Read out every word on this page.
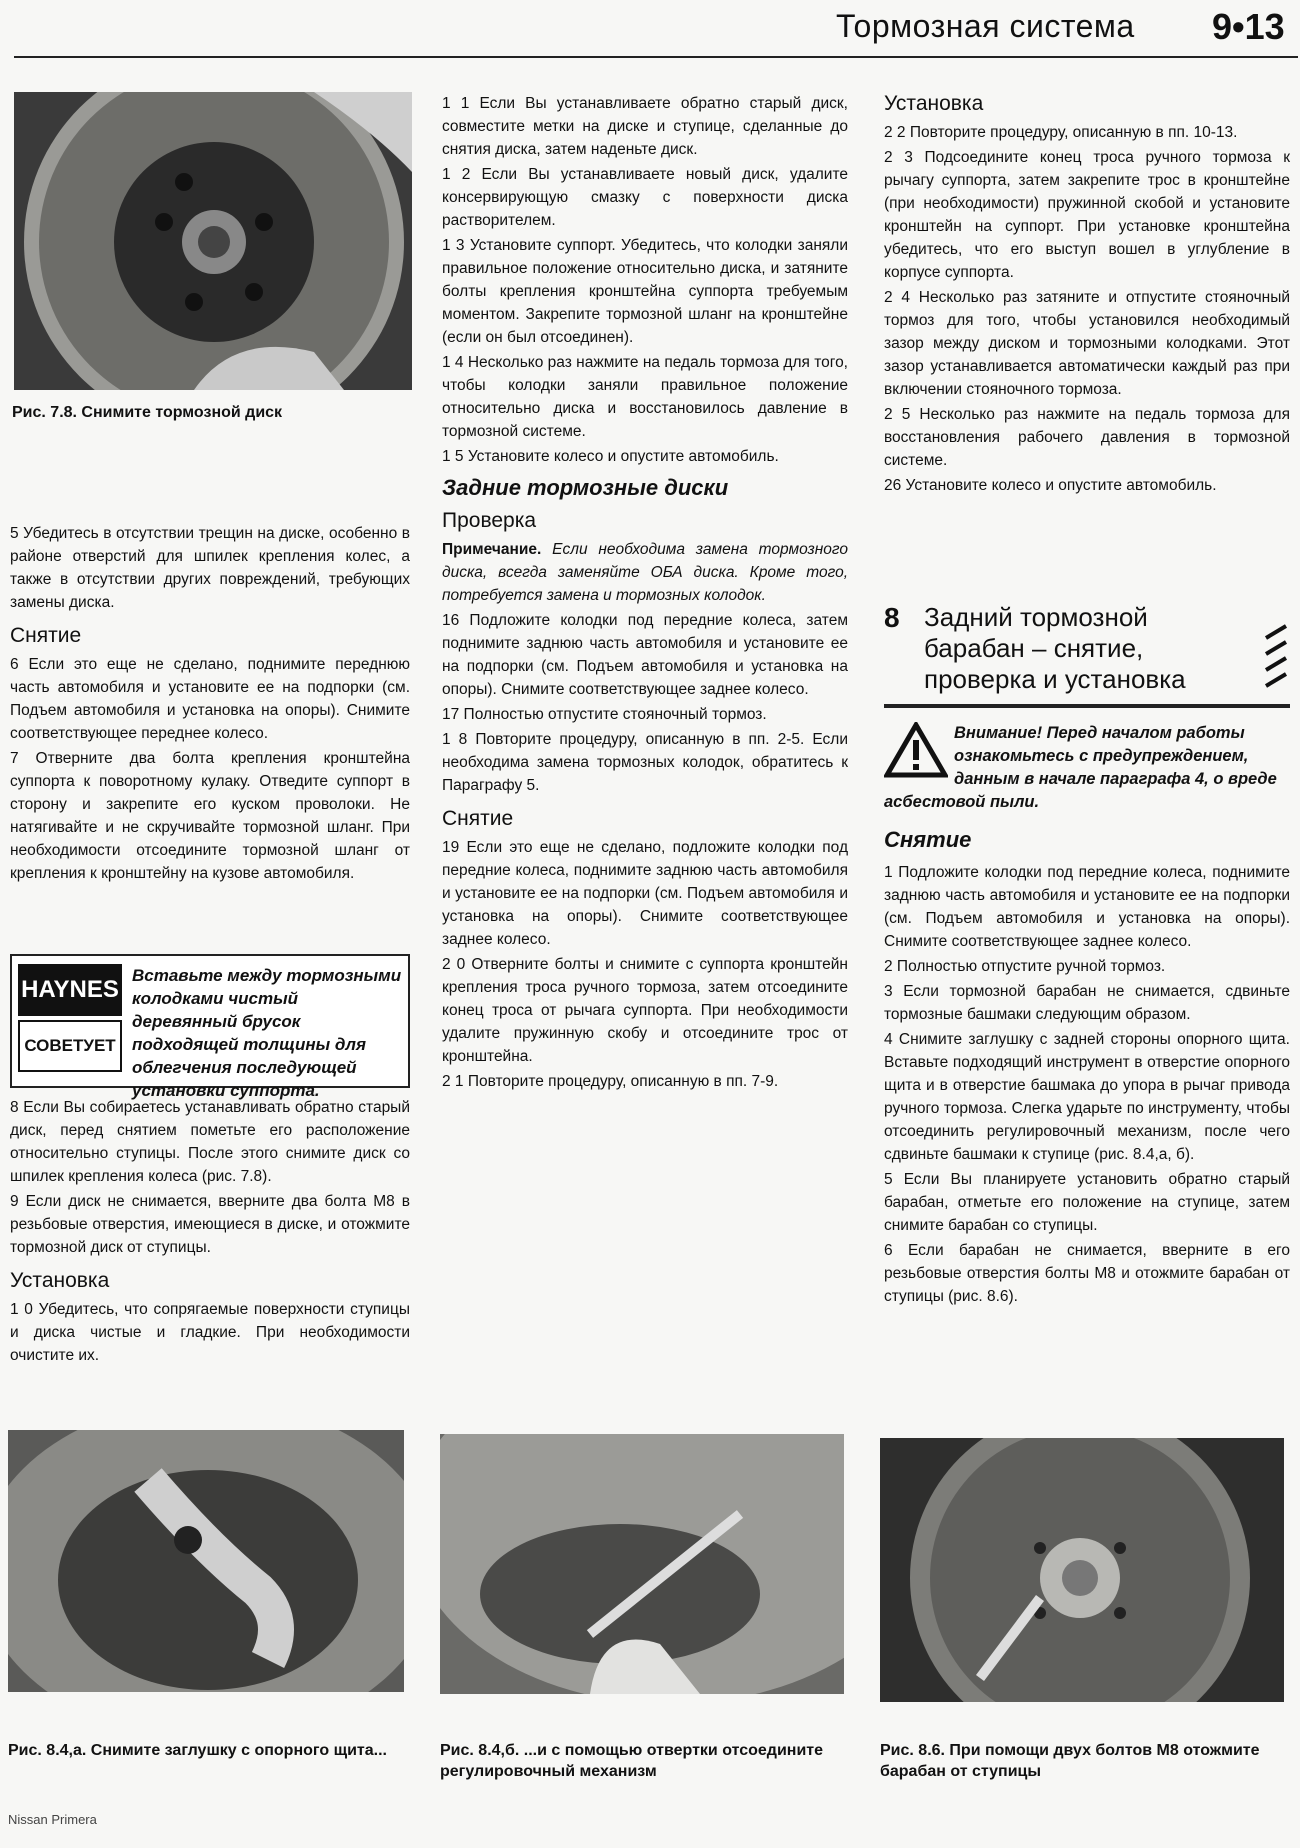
Тормозная система 9•13
Рис. 7.8. Снимите тормозной диск

5 Убедитесь в отсутствии трещин на диске, особенно в районе отверстий для шпилек крепления колес, а также в отсутствии других повреждений, требующих замены диска.

Снятие

6 Если это еще не сделано, поднимите переднюю часть автомобиля и установите ее на подпорки (см. Подъем автомобиля и установка на опоры). Снимите соответствующее переднее колесо.

7 Отверните два болта крепления кронштейна суппорта к поворотному кулаку. Отведите суппорт в сторону и закрепите его куском проволоки. Не натягивайте и не скручивайте тормозной шланг. При необходимости отсоедините тормозной шланг от крепления к кронштейну на кузове автомобиля.

HAYNES
СОВЕТУЕТ
Вставьте между тормозными колодками чистый деревянный брусок подходящей толщины для облегчения последующей установки суппорта.

8 Если Вы собираетесь устанавливать обратно старый диск, перед снятием пометьте его расположение относительно ступицы. После этого снимите диск со шпилек крепления колеса (рис. 7.8).

9 Если диск не снимается, вверните два болта М8 в резьбовые отверстия, имеющиеся в диске, и отожмите тормозной диск от ступицы.

Установка

1 0 Убедитесь, что сопрягаемые поверхности ступицы и диска чистые и гладкие. При необходимости очистите их.

1 1 Если Вы устанавливаете обратно старый диск, совместите метки на диске и ступице, сделанные до снятия диска, затем наденьте диск.

1 2 Если Вы устанавливаете новый диск, удалите консервирующую смазку с поверхности диска растворителем.

1 3 Установите суппорт. Убедитесь, что колодки заняли правильное положение относительно диска, и затяните болты крепления кронштейна суппорта требуемым моментом. Закрепите тормозной шланг на кронштейне (если он был отсоединен).

1 4 Несколько раз нажмите на педаль тормоза для того, чтобы колодки заняли правильное положение относительно диска и восстановилось давление в тормозной системе.

1 5 Установите колесо и опустите автомобиль.

Задние тормозные диски
Проверка

Примечание. Если необходима замена тормозного диска, всегда заменяйте ОБА диска. Кроме того, потребуется замена и тормозных колодок.

16 Подложите колодки под передние колеса, затем поднимите заднюю часть автомобиля и установите ее на подпорки (см. Подъем автомобиля и установка на опоры). Снимите соответствующее заднее колесо.

17 Полностью отпустите стояночный тормоз.

1 8 Повторите процедуру, описанную в пп. 2-5. Если необходима замена тормозных колодок, обратитесь к Параграфу 5.

Снятие

19 Если это еще не сделано, подложите колодки под передние колеса, поднимите заднюю часть автомобиля и установите ее на подпорки (см. Подъем автомобиля и установка на опоры). Снимите соответствующее заднее колесо.

2 0 Отверните болты и снимите с суппорта кронштейн крепления троса ручного тормоза, затем отсоедините конец троса от рычага суппорта. При необходимости удалите пружинную скобу и отсоедините трос от кронштейна.

2 1 Повторите процедуру, описанную в пп. 7-9.

Установка

2 2 Повторите процедуру, описанную в пп. 10-13.

2 3 Подсоедините конец троса ручного тормоза к рычагу суппорта, затем закрепите трос в кронштейне (при необходимости) пружинной скобой и установите кронштейн на суппорт. При установке кронштейна убедитесь, что его выступ вошел в углубление в корпусе суппорта.

2 4 Несколько раз затяните и отпустите стояночный тормоз для того, чтобы установился необходимый зазор между диском и тормозными колодками. Этот зазор устанавливается автоматически каждый раз при включении стояночного тормоза.

2 5 Несколько раз нажмите на педаль тормоза для восстановления рабочего давления в тормозной системе.

26 Установите колесо и опустите автомобиль.

8 Задний тормозной барабан – снятие, проверка и установка
Внимание! Перед началом работы ознакомьтесь с предупреждением, данным в начале параграфа 4, о вреде асбестовой пыли.
Снятие

1 Подложите колодки под передние колеса, поднимите заднюю часть автомобиля и установите ее на подпорки (см. Подъем автомобиля и установка на опоры). Снимите соответствующее заднее колесо.

2 Полностью отпустите ручной тормоз.

3 Если тормозной барабан не снимается, сдвиньте тормозные башмаки следующим образом.

4 Снимите заглушку с задней стороны опорного щита. Вставьте подходящий инструмент в отверстие опорного щита и в отверстие башмака до упора в рычаг привода ручного тормоза. Слегка ударьте по инструменту, чтобы отсоединить регулировочный механизм, после чего сдвиньте башмаки к ступице (рис. 8.4,а, б).

5 Если Вы планируете установить обратно старый барабан, отметьте его положение на ступице, затем снимите барабан со ступицы.

6 Если барабан не снимается, вверните в его резьбовые отверстия болты М8 и отожмите барабан от ступицы (рис. 8.6).

Рис. 8.4,а. Снимите заглушку с опорного щита...	Рис. 8.4,б. ...и с помощью отвертки отсоедините регулировочный механизм
Рис. 8.6. При помощи двух болтов М8 отожмите барабан от ступицы
Nissan Primera
